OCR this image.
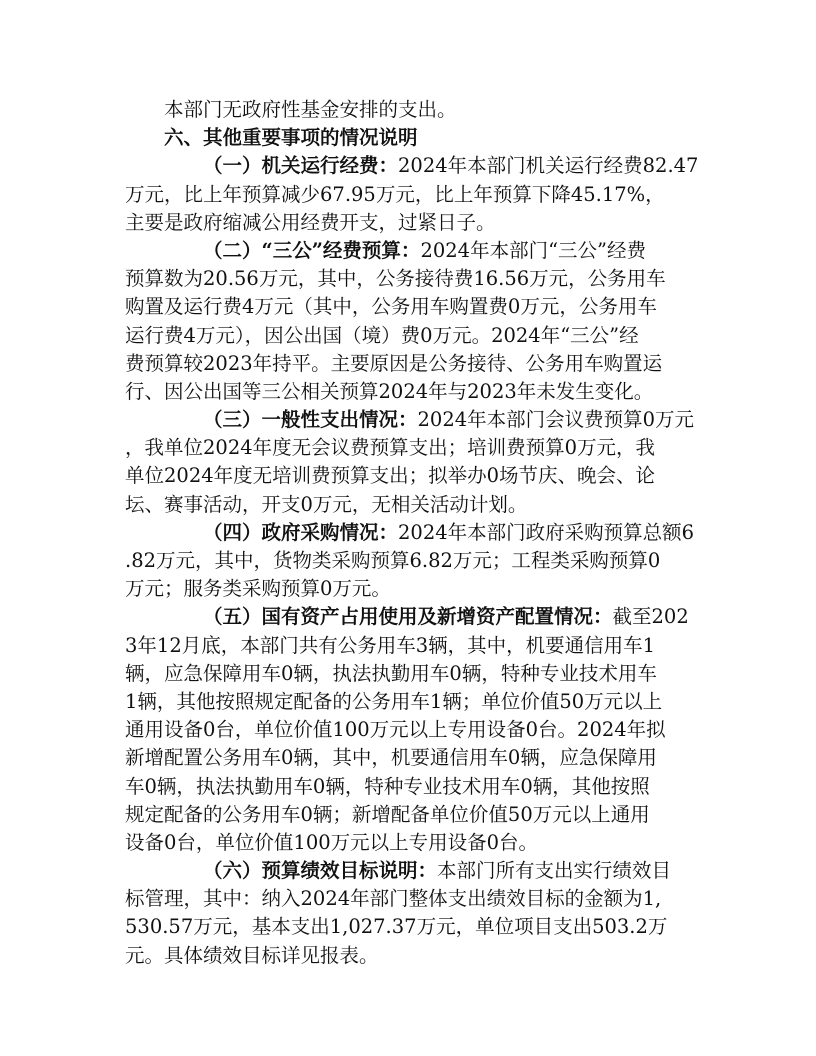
本部门无政府性基金安排的支出。
六、其他重要事项的情况说明
（一）机关运行经费：2024年本部门机关运行经费82.47
万元，比上年预算减少67.95万元，比上年预算下降45.17%，
主要是政府缩减公用经费开支，过紧日子。
（二）“三公”经费预算：2024年本部门“三公”经费
预算数为20.56万元，其中，公务接待费16.56万元，公务用车
购置及运行费4万元（其中，公务用车购置费0万元，公务用车
运行费4万元），因公出国（境）费0万元。2024年“三公”经
费预算较2023年持平。主要原因是公务接待、公务用车购置运
行、因公出国等三公相关预算2024年与2023年未发生变化。
（三）一般性支出情况：2024年本部门会议费预算0万元
，我单位2024年度无会议费预算支出；培训费预算0万元，我
单位2024年度无培训费预算支出；拟举办0场节庆、晚会、论
坛、赛事活动，开支0万元，无相关活动计划。
（四）政府采购情况：2024年本部门政府采购预算总额6
.82万元，其中，货物类采购预算6.82万元；工程类采购预算0
万元；服务类采购预算0万元。
（五）国有资产占用使用及新增资产配置情况：截至202
3年12月底，本部门共有公务用车3辆，其中，机要通信用车1
辆，应急保障用车0辆，执法执勤用车0辆，特种专业技术用车
1辆，其他按照规定配备的公务用车1辆；单位价值50万元以上
通用设备0台，单位价值100万元以上专用设备0台。2024年拟
新增配置公务用车0辆，其中，机要通信用车0辆，应急保障用
车0辆，执法执勤用车0辆，特种专业技术用车0辆，其他按照
规定配备的公务用车0辆；新增配备单位价值50万元以上通用
设备0台，单位价值100万元以上专用设备0台。
（六）预算绩效目标说明：本部门所有支出实行绩效目
标管理，其中：纳入2024年部门整体支出绩效目标的金额为1,
530.57万元，基本支出1,027.37万元，单位项目支出503.2万
元。具体绩效目标详见报表。
